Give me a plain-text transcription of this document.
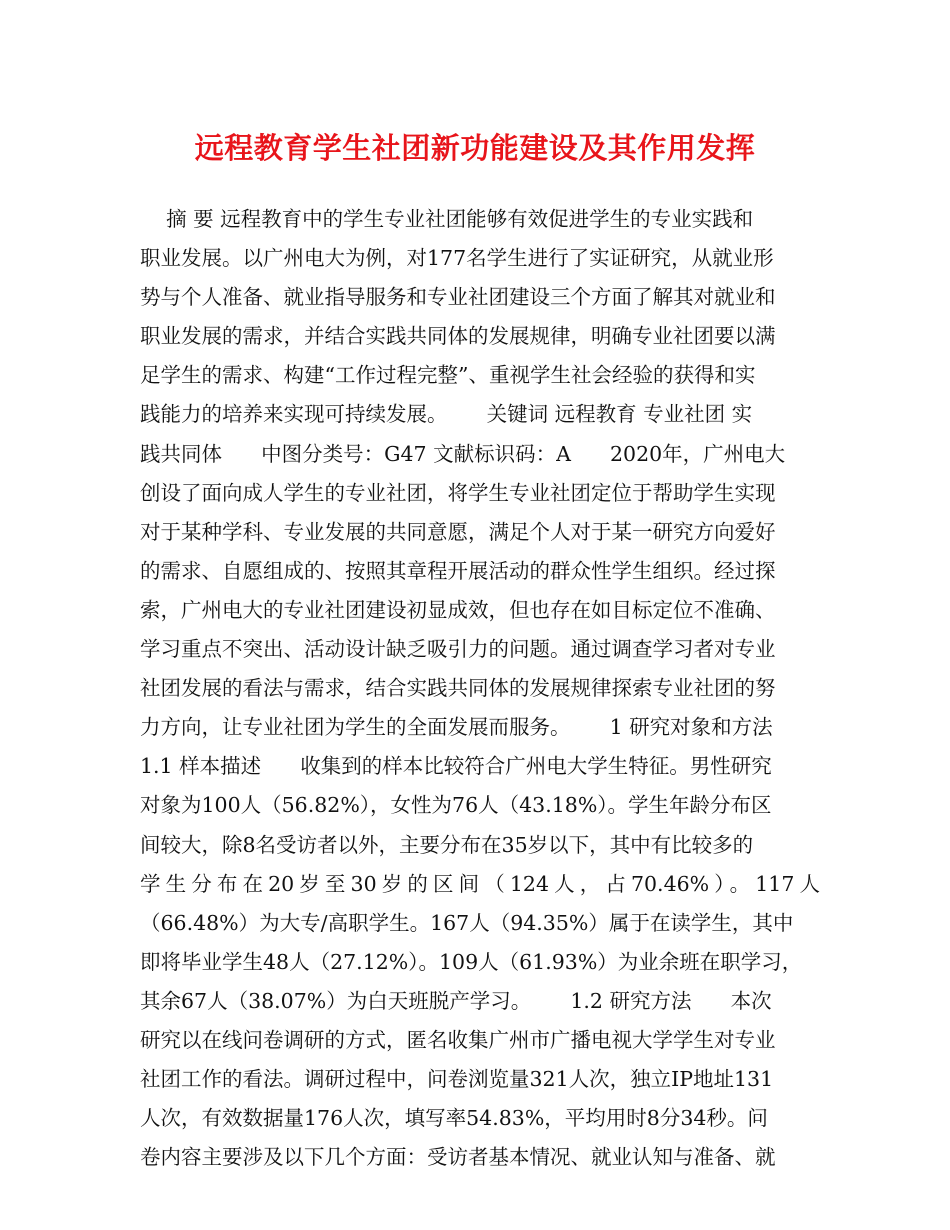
远程教育学生社团新功能建设及其作用发挥
摘 要 远程教育中的学生专业社团能够有效促进学生的专业实践和
职业发展。以广州电大为例，对177名学生进行了实证研究，从就业形
势与个人准备、就业指导服务和专业社团建设三个方面了解其对就业和
职业发展的需求，并结合实践共同体的发展规律，明确专业社团要以满
足学生的需求、构建“工作过程完整”、重视学生社会经验的获得和实
践能力的培养来实现可持续发展。      关键词 远程教育 专业社团 实
践共同体      中图分类号：G47 文献标识码：A      2020年，广州电大
创设了面向成人学生的专业社团，将学生专业社团定位于帮助学生实现
对于某种学科、专业发展的共同意愿，满足个人对于某一研究方向爱好
的需求、自愿组成的、按照其章程开展活动的群众性学生组织。经过探
索，广州电大的专业社团建设初显成效，但也存在如目标定位不准确、
学习重点不突出、活动设计缺乏吸引力的问题。通过调查学习者对专业
社团发展的看法与需求，结合实践共同体的发展规律探索专业社团的努
力方向，让专业社团为学生的全面发展而服务。      1 研究对象和方法
1.1 样本描述      收集到的样本比较符合广州电大学生特征。男性研究
对象为100人（56.82%），女性为76人（43.18%）。学生年龄分布区
间较大，除8名受访者以外，主要分布在35岁以下，其中有比较多的
学生分布在20岁至30岁的区间（124人，占70.46%）。117人
（66.48%）为大专/高职学生。167人（94.35%）属于在读学生，其中
即将毕业学生48人（27.12%）。109人（61.93%）为业余班在职学习，
其余67人（38.07%）为白天班脱产学习。      1.2 研究方法      本次
研究以在线问卷调研的方式，匿名收集广州市广播电视大学学生对专业
社团工作的看法。调研过程中，问卷浏览量321人次，独立IP地址131
人次，有效数据量176人次，填写率54.83%，平均用时8分34秒。问
卷内容主要涉及以下几个方面：受访者基本情况、就业认知与准备、就
